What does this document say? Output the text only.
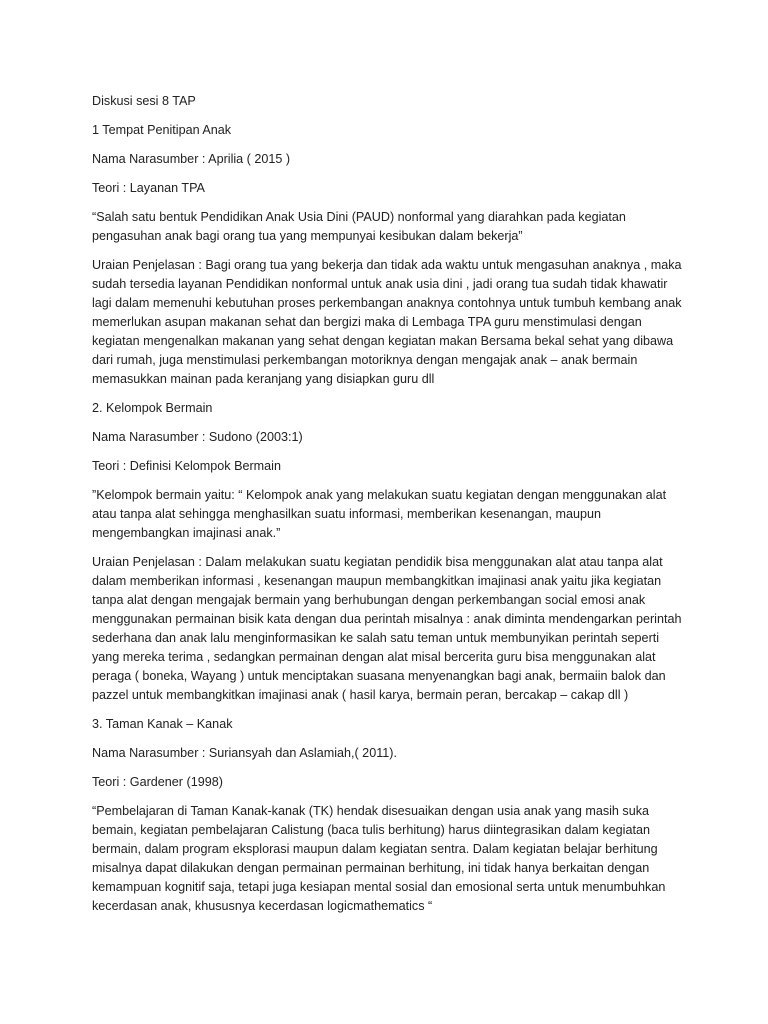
Diskusi sesi 8 TAP

1 Tempat Penitipan Anak

Nama Narasumber : Aprilia ( 2015 )

Teori : Layanan TPA

“Salah satu bentuk Pendidikan Anak Usia Dini (PAUD) nonformal yang diarahkan pada kegiatan pengasuhan anak bagi orang tua yang mempunyai kesibukan dalam bekerja”

Uraian Penjelasan : Bagi orang tua yang bekerja dan tidak ada waktu untuk mengasuhan anaknya , maka sudah tersedia layanan Pendidikan nonformal untuk anak usia dini , jadi orang tua sudah tidak khawatir lagi dalam memenuhi kebutuhan proses perkembangan anaknya contohnya untuk tumbuh kembang anak memerlukan asupan makanan sehat dan bergizi maka di Lembaga TPA guru menstimulasi dengan kegiatan mengenalkan makanan yang sehat dengan kegiatan makan Bersama bekal sehat yang dibawa dari rumah, juga menstimulasi perkembangan motoriknya dengan mengajak anak – anak bermain memasukkan mainan pada keranjang yang disiapkan guru dll

2. Kelompok Bermain

Nama Narasumber : Sudono (2003:1)

Teori : Definisi Kelompok Bermain

”Kelompok bermain yaitu: “ Kelompok anak yang melakukan suatu kegiatan dengan menggunakan alat atau tanpa alat sehingga menghasilkan suatu informasi, memberikan kesenangan, maupun mengembangkan imajinasi anak.”

Uraian Penjelasan : Dalam melakukan suatu kegiatan pendidik bisa menggunakan alat atau tanpa alat dalam memberikan informasi , kesenangan maupun membangkitkan imajinasi anak yaitu jika kegiatan tanpa alat dengan mengajak bermain yang berhubungan dengan perkembangan social emosi anak menggunakan permainan bisik kata dengan dua perintah misalnya : anak diminta mendengarkan perintah sederhana dan anak lalu menginformasikan ke salah satu teman untuk membunyikan perintah seperti yang mereka terima , sedangkan permainan dengan alat misal bercerita guru bisa menggunakan alat peraga ( boneka, Wayang ) untuk menciptakan suasana menyenangkan bagi anak, bermaiin balok dan pazzel untuk membangkitkan imajinasi anak ( hasil karya, bermain peran, bercakap – cakap dll )

3. Taman Kanak – Kanak

Nama Narasumber : Suriansyah dan Aslamiah,( 2011).

Teori : Gardener (1998)

“Pembelajaran di Taman Kanak-kanak (TK) hendak disesuaikan dengan usia anak yang masih suka bemain, kegiatan pembelajaran Calistung (baca tulis berhitung) harus diintegrasikan dalam kegiatan bermain, dalam program eksplorasi maupun dalam kegiatan sentra. Dalam kegiatan belajar berhitung misalnya dapat dilakukan dengan permainan permainan berhitung, ini tidak hanya berkaitan dengan kemampuan kognitif saja, tetapi juga kesiapan mental sosial dan emosional serta untuk menumbuhkan kecerdasan anak, khususnya kecerdasan logicmathematics “
